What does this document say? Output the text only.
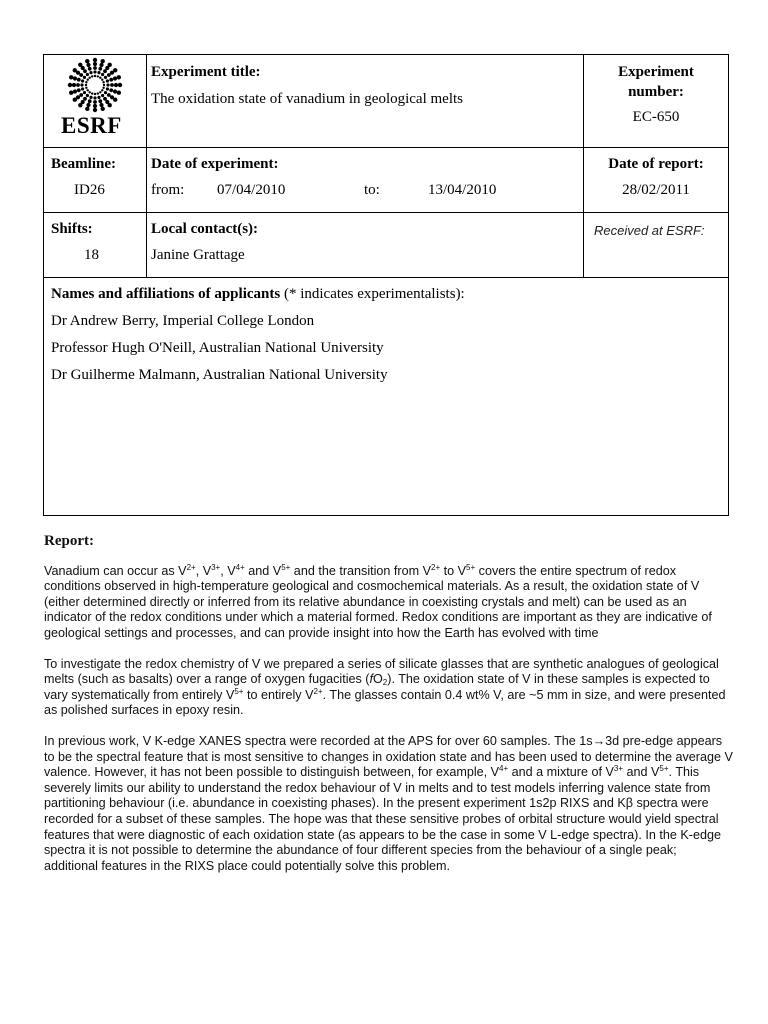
ESRF
Experiment title:
The oxidation state of vanadium in geological melts
Experiment
number:
EC-650
Beamline:
ID26
Date of experiment:
from: 07/04/2010	to:	13/04/2010
Date of report:
28/02/2011
Shifts:
18
Local contact(s):
Janine Grattage
Received at ESRF:
Names and affiliations of applicants (* indicates experimentalists):
Dr Andrew Berry, Imperial College London
Professor Hugh O'Neill, Australian National University
Dr Guilherme Malmann, Australian National University
Report:

Vanadium can occur as $V^{2+}$, $V^{3+}$, $V^{4+}$ and $V^{5+}$ and the transition from $V^{2+}$ to $V^{5+}$ covers the entire spectrum of redox conditions observed in high-temperature geological and cosmochemical materials. As a result, the oxidation state of V (either determined directly or inferred from its relative abundance in coexisting crystals and melt) can be used as an indicator of the redox conditions under which a material formed. Redox conditions are important as they are indicative of geological settings and processes, and can provide insight into how the Earth has evolved with time

To investigate the redox chemistry of V we prepared a series of silicate glasses that are synthetic analogues of geological melts (such as basalts) over a range of oxygen fugacities $(fO_2)$. The oxidation state of V in these samples is expected to vary systematically from entirely $V^{5+}$ to entirely $V^{2+}$. The glasses contain 0.4 wt% V, are ~5 mm in size, and were presented as polished surfaces in epoxy resin.

In previous work, V K-edge XANES spectra were recorded at the APS for over 60 samples. The 1s→3d pre-edge appears to be the spectral feature that is most sensitive to changes in oxidation state and has been used to determine the average V valence. However, it has not been possible to distinguish between, for example, $V^{4+}$ and a mixture of $V^{3+}$ and $V^{5+}$. This severely limits our ability to understand the redox behaviour of V in melts and to test models inferring valence state from partitioning behaviour (i.e. abundance in coexisting phases). In the present experiment 1s2p RIXS and Kβ spectra were recorded for a subset of these samples. The hope was that these sensitive probes of orbital structure would yield spectral features that were diagnostic of each oxidation state (as appears to be the case in some V L-edge spectra). In the K-edge spectra it is not possible to determine the abundance of four different species from the behaviour of a single peak; additional features in the RIXS place could potentially solve this problem.
